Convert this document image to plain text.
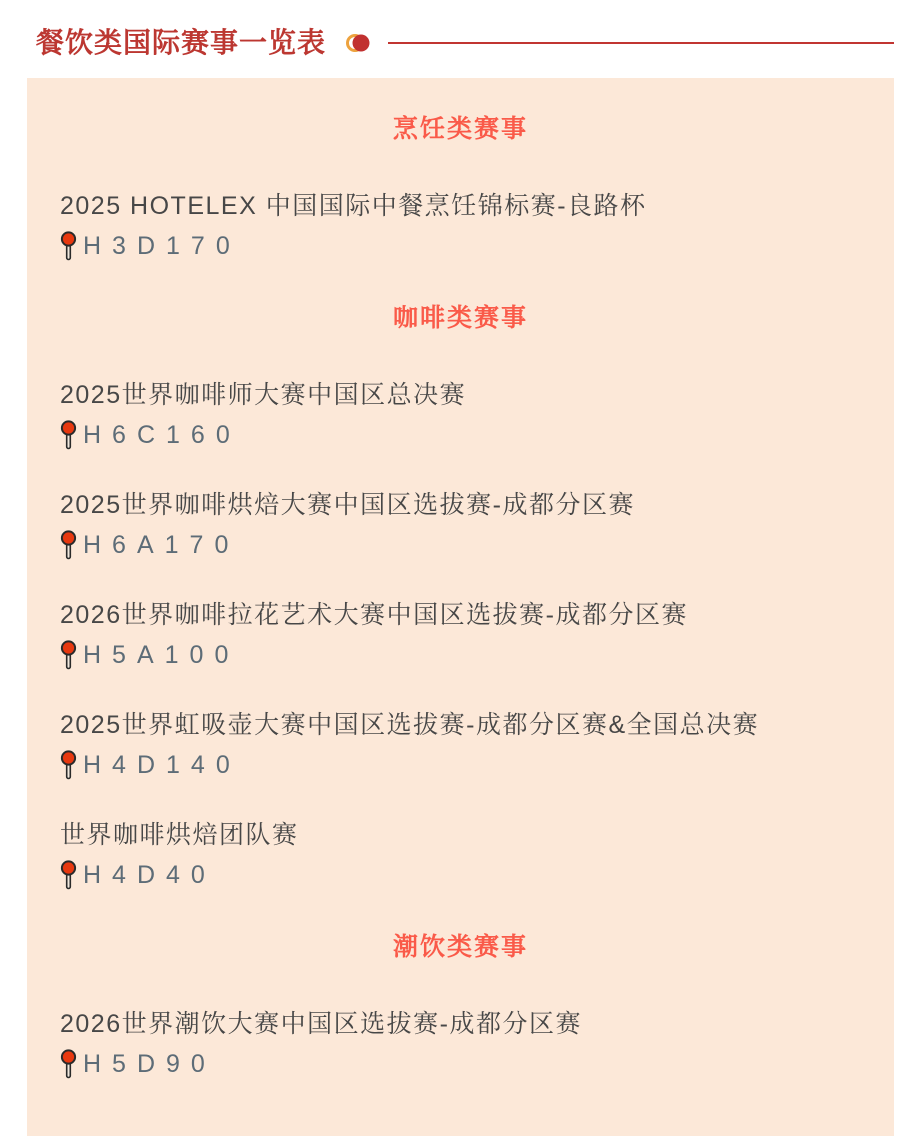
餐饮类国际赛事一览表
烹饪类赛事
2025 HOTELEX 中国国际中餐烹饪锦标赛-良路杯
H3D170
咖啡类赛事
2025世界咖啡师大赛中国区总决赛
H6C160
2025世界咖啡烘焙大赛中国区选拔赛-成都分区赛
H6A170
2026世界咖啡拉花艺术大赛中国区选拔赛-成都分区赛
H5A100
2025世界虹吸壶大赛中国区选拔赛-成都分区赛&全国总决赛
H4D140
世界咖啡烘焙团队赛
H4D40
潮饮类赛事
2026世界潮饮大赛中国区选拔赛-成都分区赛
H5D90
